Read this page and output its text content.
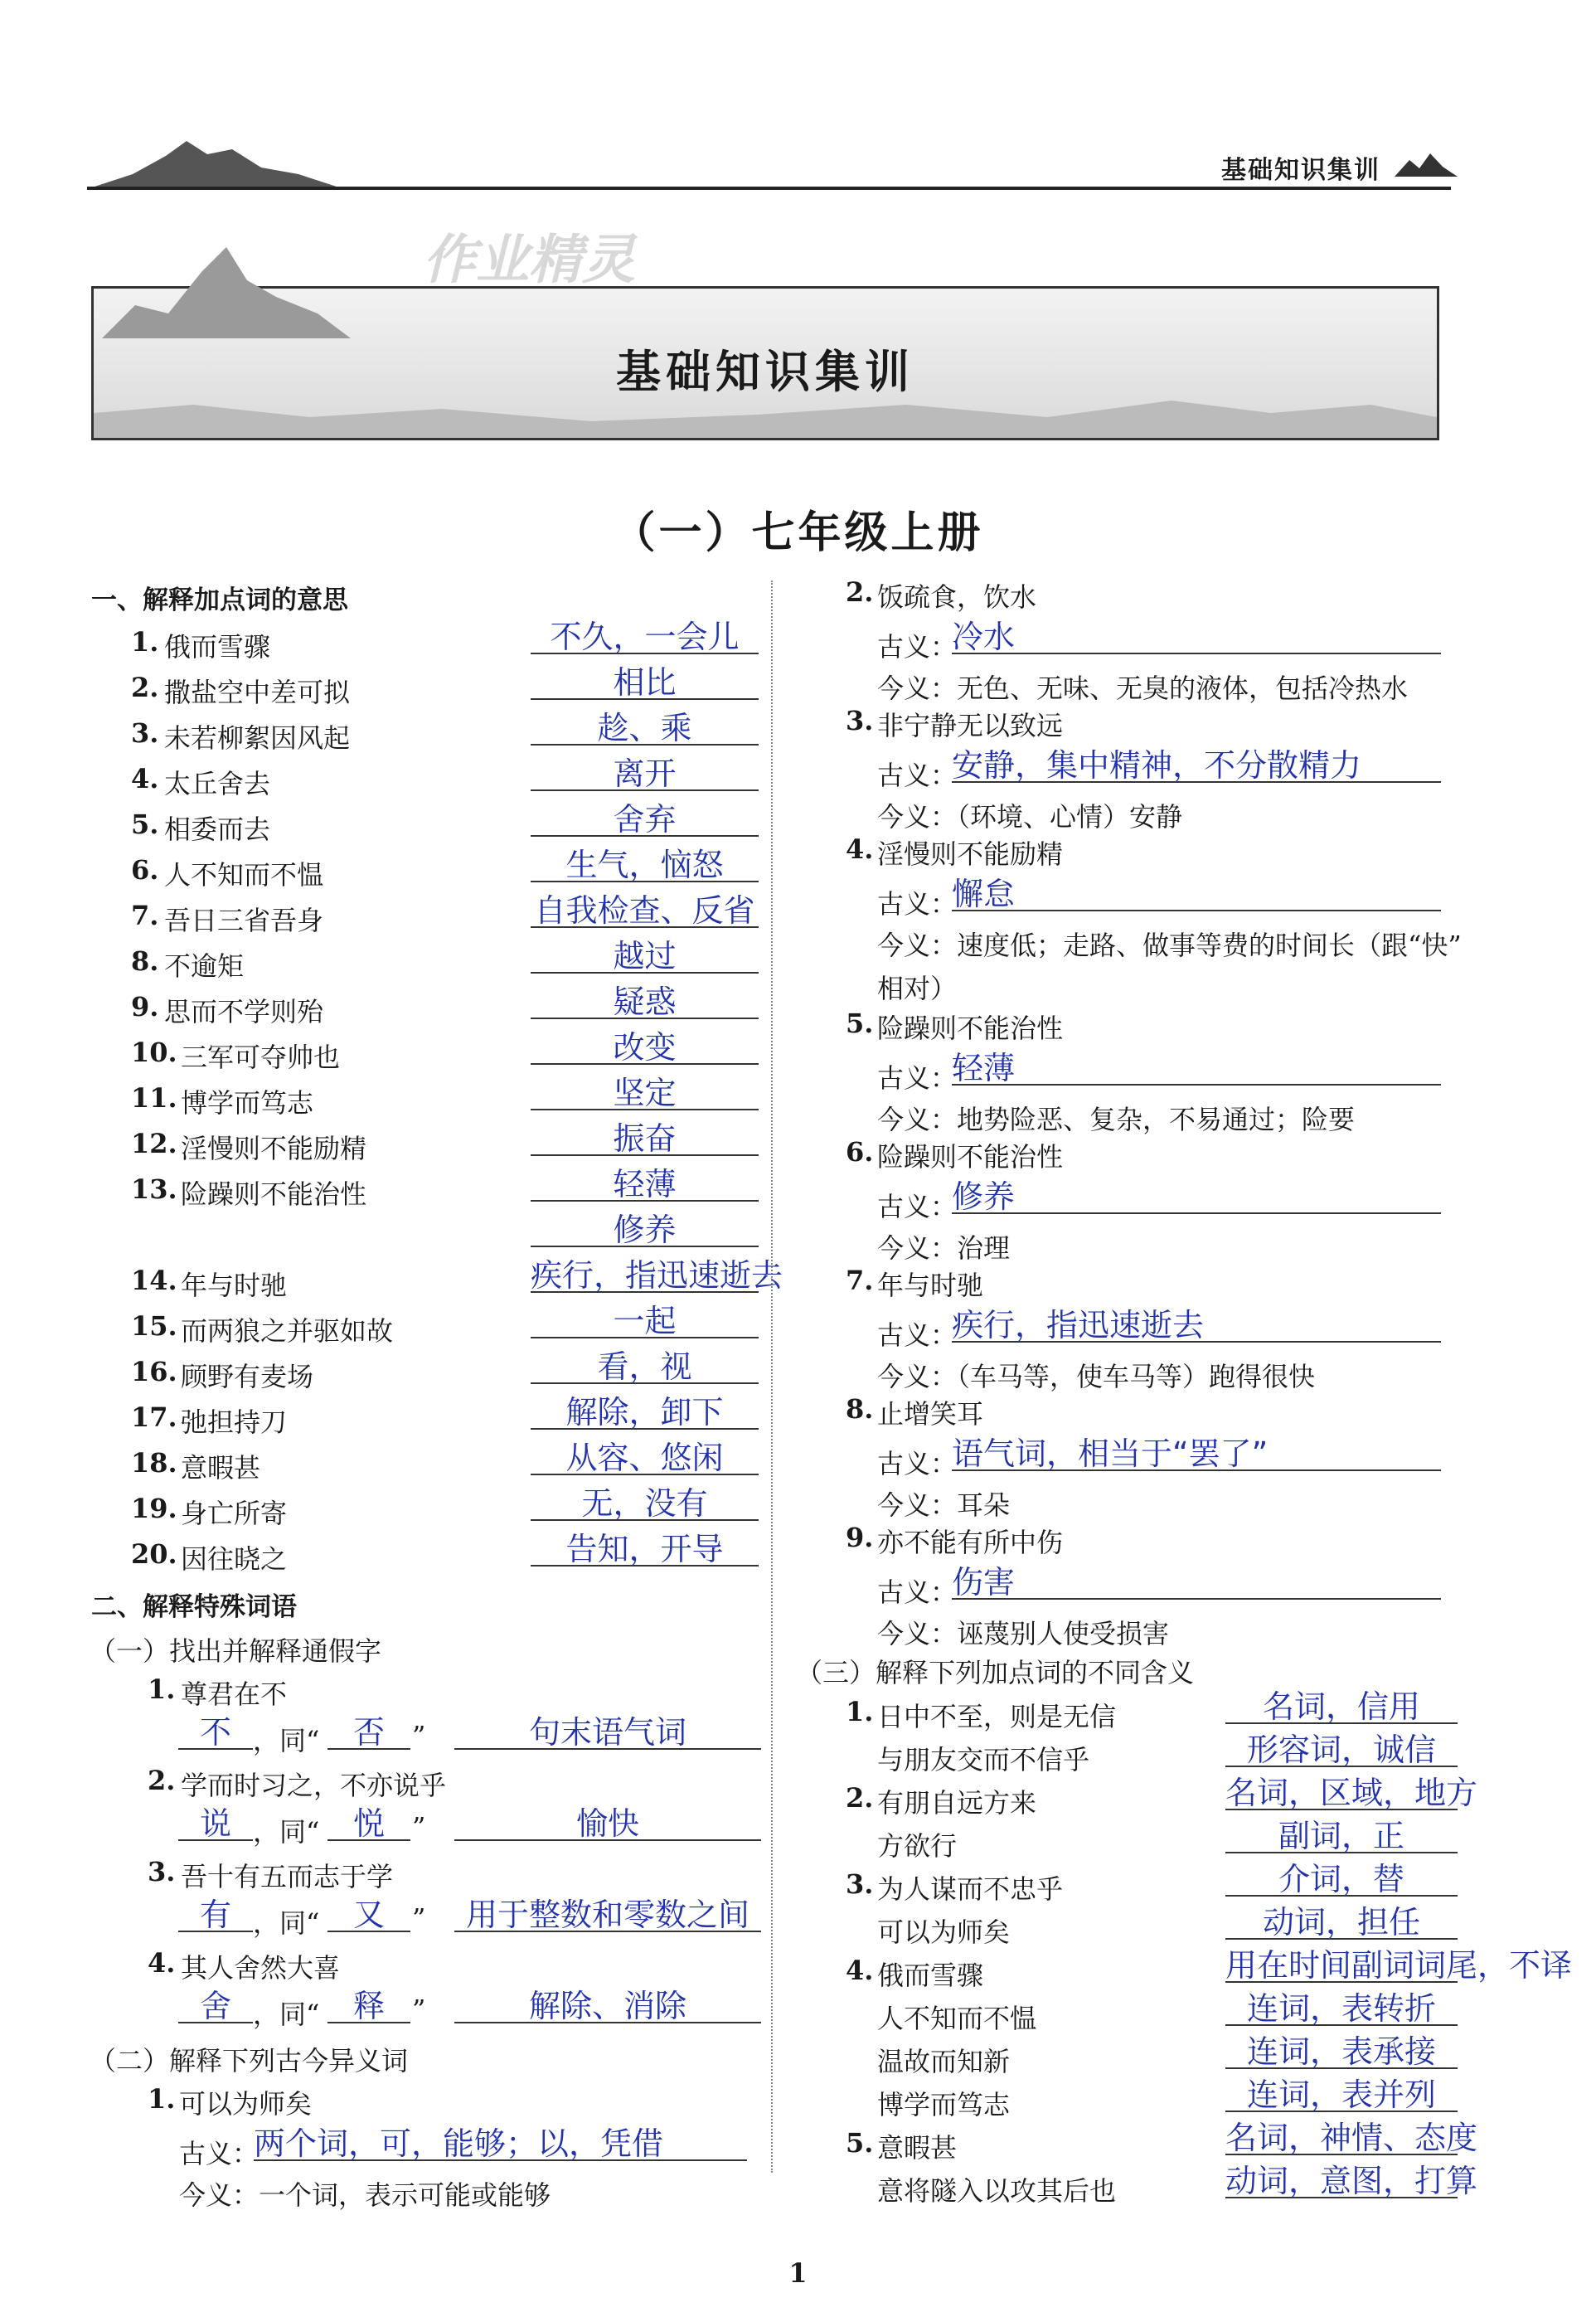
基础知识集训
基础知识集训
作业精灵
（一）七年级上册
一、解释加点词的意思
1. 俄而雪骤	不久，一会儿
2. 撒盐空中差可拟	相比
3. 未若柳絮因风起	趁、乘
4. 太丘舍去	离开
5. 相委而去	舍弃
6. 人不知而不愠	生气，恼怒
7. 吾日三省吾身	自我检查、反省
8. 不逾矩	越过
9. 思而不学则殆	疑惑
10. 三军可夺帅也	改变
11. 博学而笃志	坚定
12. 淫慢则不能励精	振奋
13. 险躁则不能治性	轻薄
修养
14. 年与时驰	疾行，指迅速逝去
15. 而两狼之并驱如故	一起
16. 顾野有麦场	看，视
17. 弛担持刀	解除，卸下
18. 意暇甚	从容、悠闲
19. 身亡所寄	无，没有
20. 因往晓之	告知，开导
二、解释特殊词语
（一）找出并解释通假字
1. 尊君在不
不 ，同“	否	”	句末语气词
2. 学而时习之，不亦说乎
说 ，同“	悦	”	愉快
3. 吾十有五而志于学
有 ，同“	又	”	用于整数和零数之间
4. 其人舍然大喜
舍 ，同“	释	”	解除、消除
（二）解释下列古今异义词
1. 可以为师矣
古义：
两个词，可，能够；以，凭借
今义：一个词，表示可能或能够
2. 饭疏食，饮水
古义：
冷水
今义：无色、无味、无臭的液体，包括冷热水
3. 非宁静无以致远
古义：
安静，集中精神，不分散精力
今义：（环境、心情）安静
4. 淫慢则不能励精
古义：
懈怠
今义：速度低；走路、做事等费的时间长（跟“快”
相对）
5. 险躁则不能治性
古义：
轻薄
今义：地势险恶、复杂，不易通过；险要
6. 险躁则不能治性
古义：
修养
今义：治理
7. 年与时驰
古义：
疾行，指迅速逝去
今义：（车马等，使车马等）跑得很快
8. 止增笑耳
古义：
语气词，相当于“罢了”
今义：耳朵
9. 亦不能有所中伤
古义：
伤害
今义：诬蔑别人使受损害
（三）解释下列加点词的不同含义
1. 日中不至，则是无信	名词，信用
与朋友交而不信乎	形容词，诚信
2. 有朋自远方来	名词，区域，地方
方欲行	副词，正
3. 为人谋而不忠乎	介词，替
可以为师矣	动词，担任
4. 俄而雪骤	用在时间副词词尾，不译
人不知而不愠	连词，表转折
温故而知新	连词，表承接
博学而笃志	连词，表并列
5. 意暇甚	名词，神情、态度
意将隧入以攻其后也	动词，意图，打算
1
